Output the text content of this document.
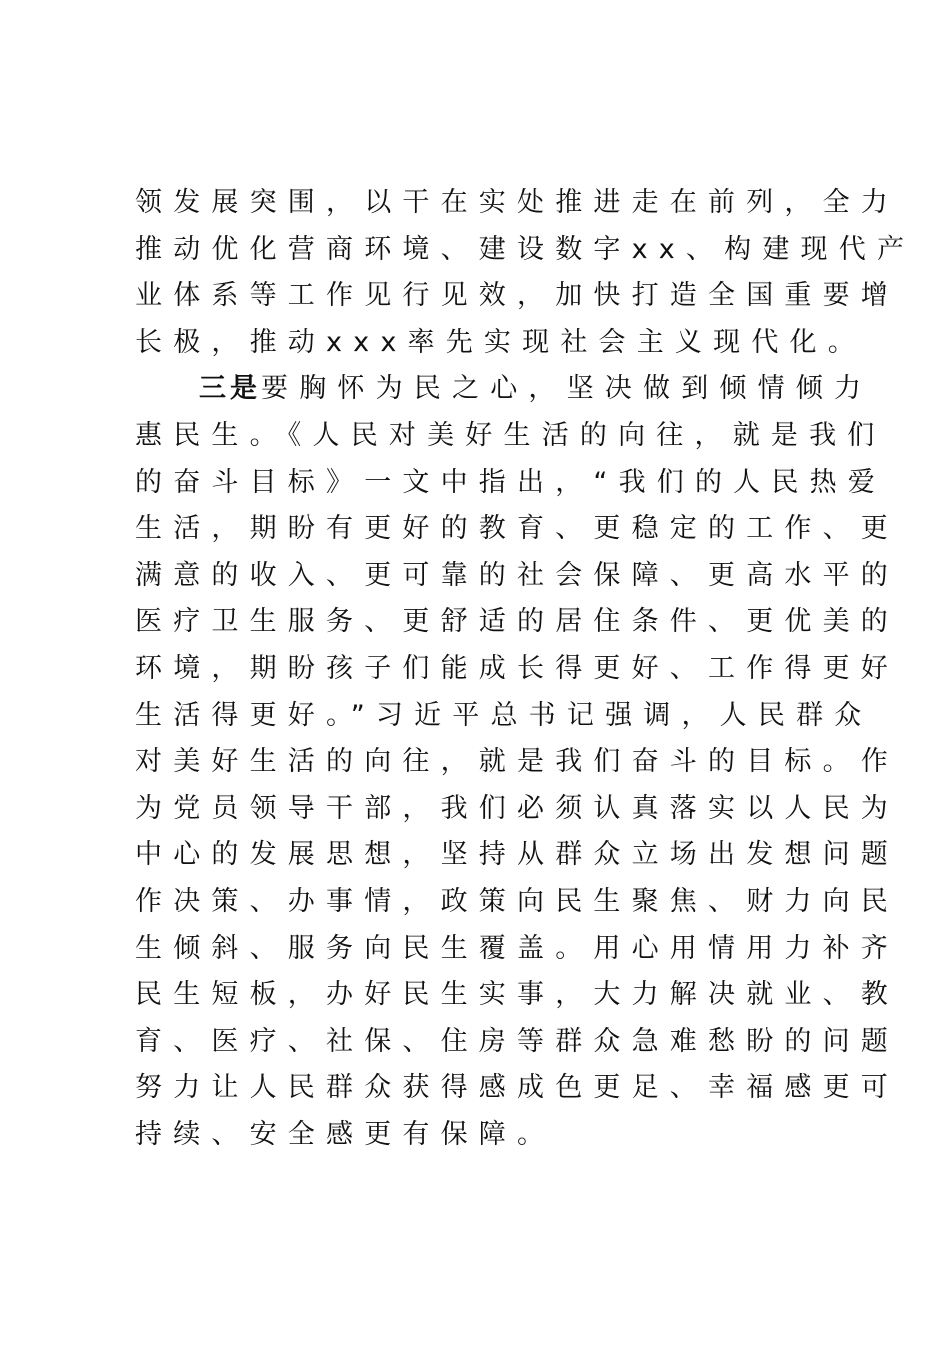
领发展突围，以干在实处推进走在前列，全力
推动优化营商环境、建设数字xx、构建现代产
业体系等工作见行见效，加快打造全国重要增
长极，推动xxx率先实现社会主义现代化。
三是要胸怀为民之心，坚决做到倾情倾力
惠民生。《人民对美好生活的向往，就是我们
的奋斗目标》一文中指出，“我们的人民热爱
生活，期盼有更好的教育、更稳定的工作、更
满意的收入、更可靠的社会保障、更高水平的
医疗卫生服务、更舒适的居住条件、更优美的
环境，期盼孩子们能成长得更好、工作得更好
生活得更好。”习近平总书记强调，人民群众
对美好生活的向往，就是我们奋斗的目标。作
为党员领导干部，我们必须认真落实以人民为
中心的发展思想，坚持从群众立场出发想问题
作决策、办事情，政策向民生聚焦、财力向民
生倾斜、服务向民生覆盖。用心用情用力补齐
民生短板，办好民生实事，大力解决就业、教
育、医疗、社保、住房等群众急难愁盼的问题
努力让人民群众获得感成色更足、幸福感更可
持续、安全感更有保障。
